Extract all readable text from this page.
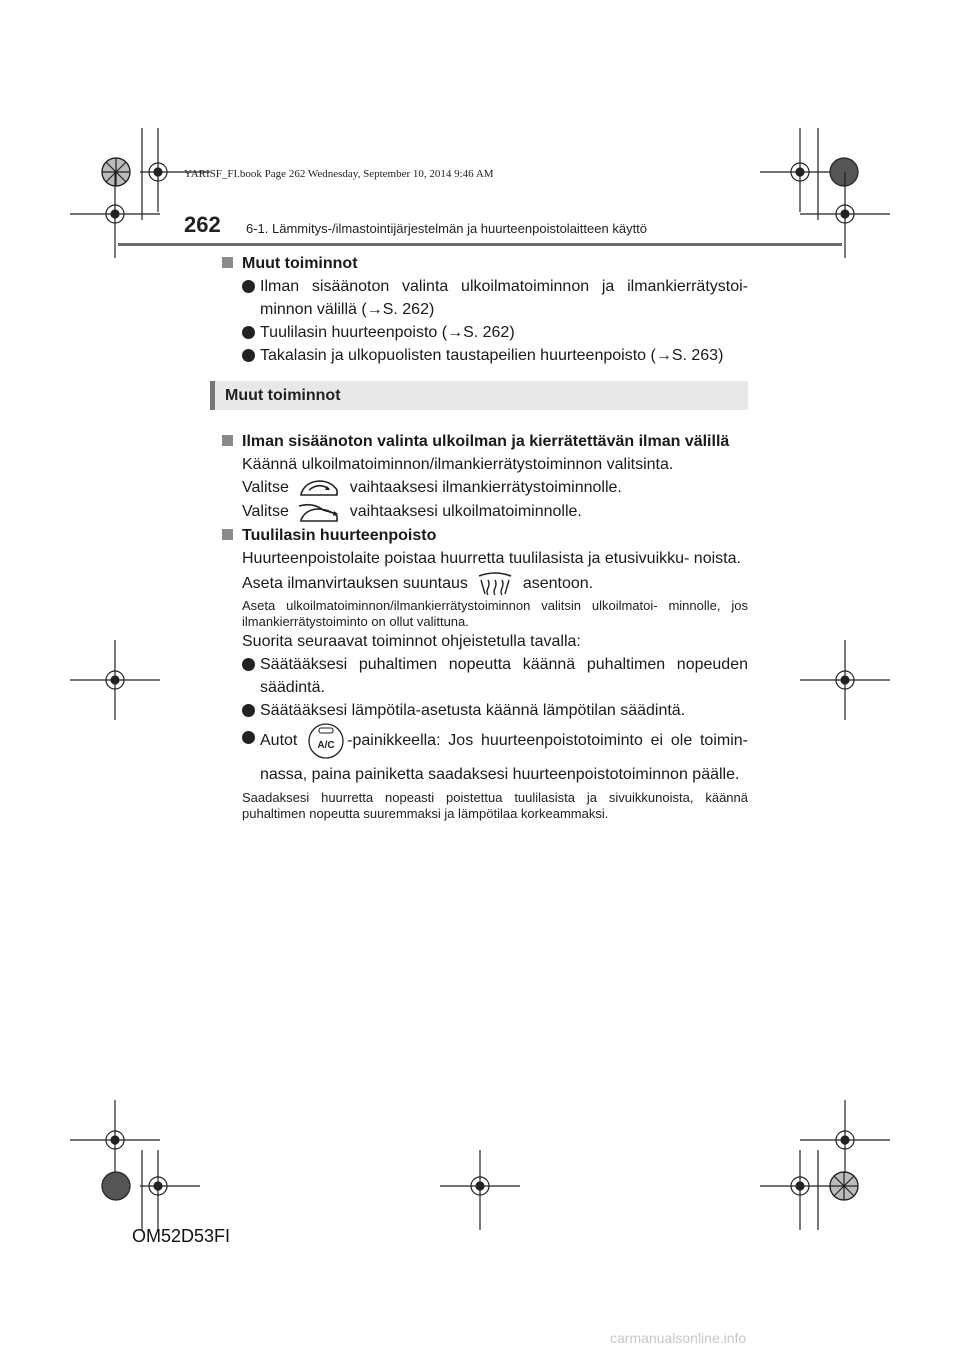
YARISF_FI.book Page 262 Wednesday, September 10, 2014 9:46 AM
262 6-1. Lämmitys-/ilmastointijärjestelmän ja huurteenpoistolaitteen käyttö

Muut toiminnot

Ilman sisäänoton valinta ulkoilmatoiminnon ja ilmankierrätystoi- minnon välillä (→S. 262)

Tuulilasin huurteenpoisto (→S. 262)

Takalasin ja ulkopuolisten taustapeilien huurteenpoisto (→S. 263)

Muut toiminnot

Ilman sisäänoton valinta ulkoilman ja kierrätettävän ilman välillä

Käännä ulkoilmatoiminnon/ilmankierrätystoiminnon valitsinta.

Valitse	vaihtaaksesi ilmankierrätystoiminnolle.

Valitse	vaihtaaksesi ulkoilmatoiminnolle.

Tuulilasin huurteenpoisto

Huurteenpoistolaite poistaa huurretta tuulilasista ja etusivuikku- noista.

Aseta ilmanvirtauksen suuntaus	asentoon.

Aseta ulkoilmatoiminnon/ilmankierrätystoiminnon valitsin ulkoilmatoi- minnolle, jos ilmankierrätystoiminto on ollut valittuna.

Suorita seuraavat toiminnot ohjeistetulla tavalla:

Säätääksesi puhaltimen nopeutta käännä puhaltimen nopeuden säädintä.

Säätääksesi lämpötila-asetusta käännä lämpötilan säädintä.

Autot A/C -painikkeella: Jos huurteenpoistotoiminto ei ole toimin- nassa, paina painiketta saadaksesi huurteenpoistotoiminnon päälle.

Saadaksesi huurretta nopeasti poistettua tuulilasista ja sivuikkunoista, käännä puhaltimen nopeutta suuremmaksi ja lämpötilaa korkeammaksi.

OM52D53FI
carmanualsonline.info
